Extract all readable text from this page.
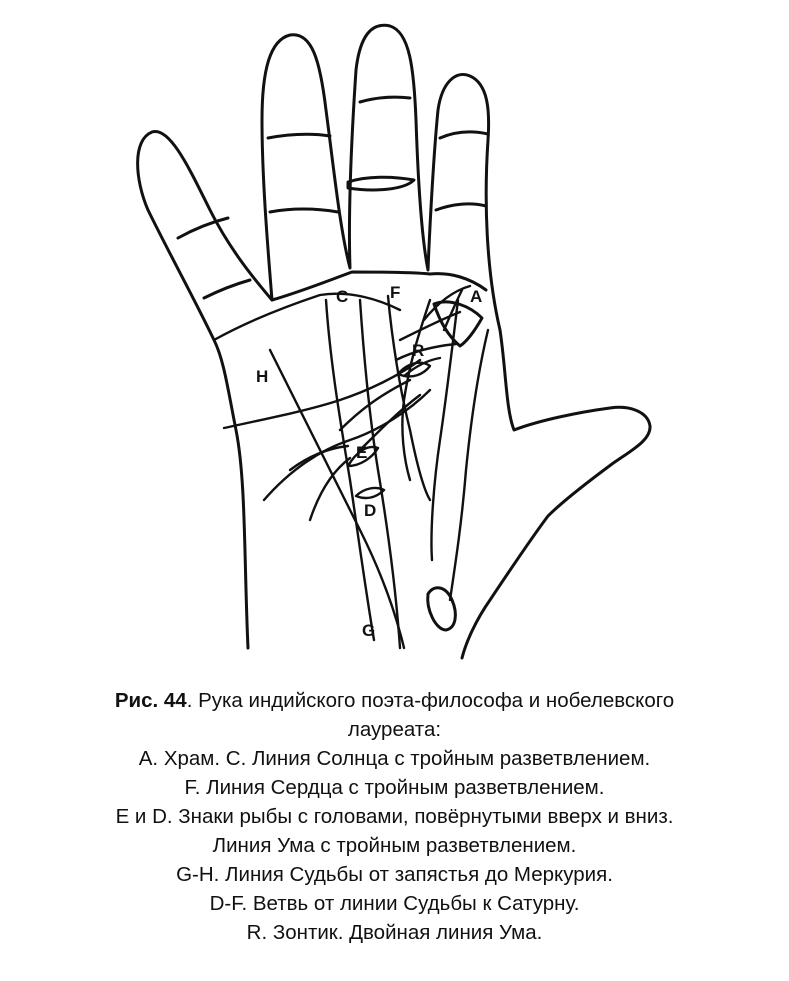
C F	A
R
H
E
D
G
Рис. 44. Рука индийского поэта-философа и нобелевского
лауреата:
A. Храм. C. Линия Солнца с тройным разветвлением.
F. Линия Сердца с тройным разветвлением.
E и D. Знаки рыбы с головами, повёрнутыми вверх и вниз.
Линия Ума с тройным разветвлением.
G-H. Линия Судьбы от запястья до Меркурия.
D-F. Ветвь от линии Судьбы к Сатурну.
R. Зонтик. Двойная линия Ума.
